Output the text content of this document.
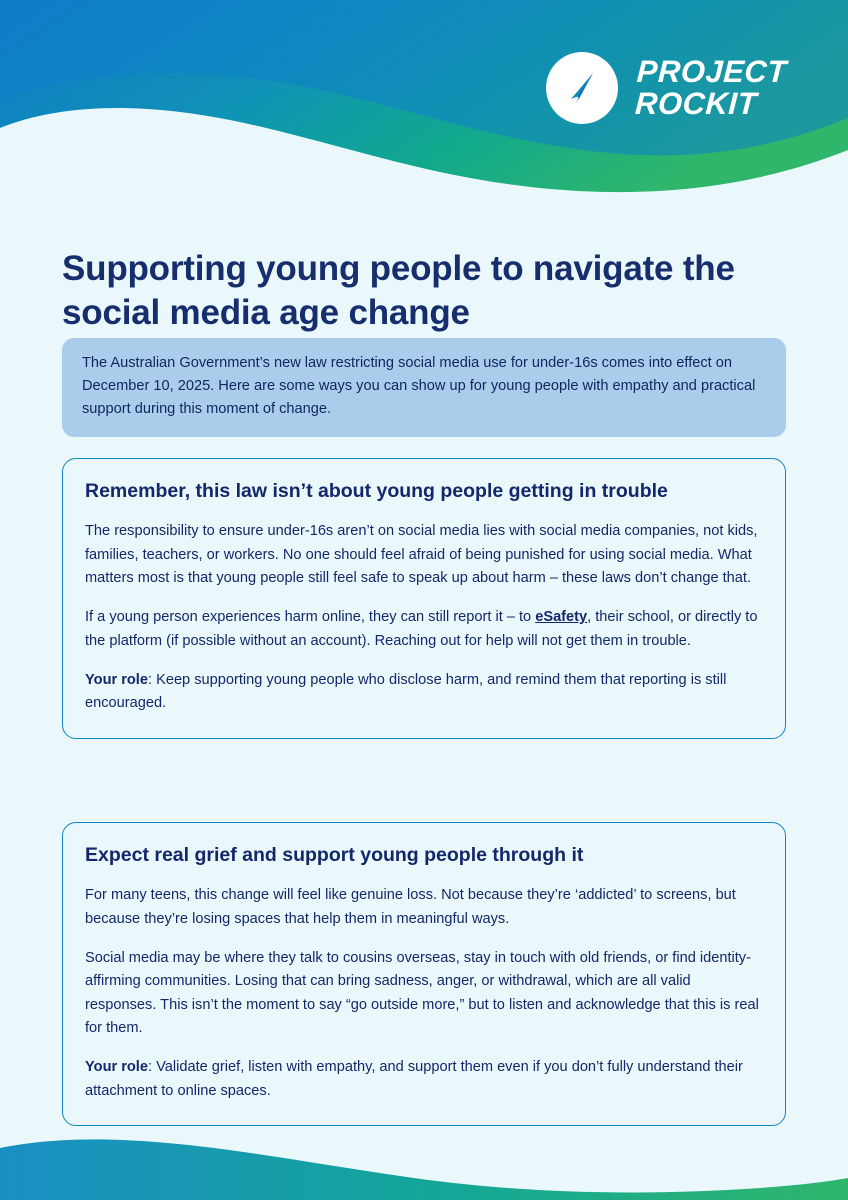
PROJECT
ROCKIT
Supporting young people to navigate the social media age change
The Australian Government’s new law restricting social media use for under-16s comes into effect on December 10, 2025. Here are some ways you can show up for young people with empathy and practical support during this moment of change.
Remember, this law isn’t about young people getting in trouble

The responsibility to ensure under-16s aren’t on social media lies with social media companies, not kids, families, teachers, or workers. No one should feel afraid of being punished for using social media. What matters most is that young people still feel safe to speak up about harm – these laws don’t change that.

If a young person experiences harm online, they can still report it – to eSafety, their school, or directly to the platform (if possible without an account). Reaching out for help will not get them in trouble.

Your role: Keep supporting young people who disclose harm, and remind them that reporting is still encouraged.

Expect real grief and support young people through it

For many teens, this change will feel like genuine loss. Not because they’re ‘addicted’ to screens, but because they’re losing spaces that help them in meaningful ways.

Social media may be where they talk to cousins overseas, stay in touch with old friends, or find identity-affirming communities. Losing that can bring sadness, anger, or withdrawal, which are all valid responses. This isn’t the moment to say “go outside more,” but to listen and acknowledge that this is real for them.

Your role: Validate grief, listen with empathy, and support them even if you don’t fully understand their attachment to online spaces.
